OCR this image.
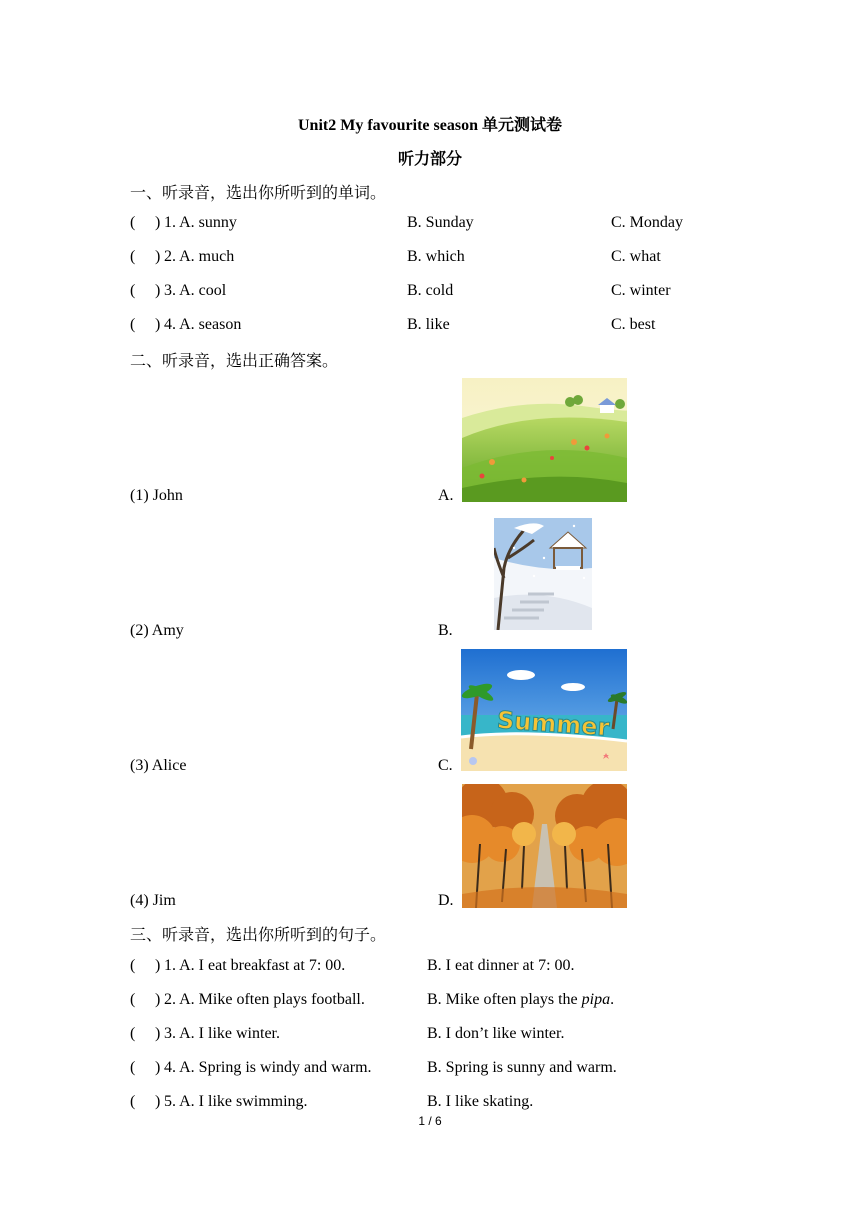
Unit2 My favourite season 单元测试卷
听力部分
一、听录音，选出你所听到的单词。
( ) 1. A. sunny	B. Sunday	C. Monday
( ) 2. A. much	B. which	C. what
( ) 3. A. cool	B. cold	C. winter
( ) 4. A. season	B. like	C. best
二、听录音，选出正确答案。
(1) John	A.
(2) Amy	B.
(3) Alice	C.
(4) Jim	D.
Summer
三、听录音，选出你所听到的句子。
( ) 1. A. I eat breakfast at 7: 00.	B. I eat dinner at 7: 00.
( ) 2. A. Mike often plays football.	B. Mike often plays the pipa.
( ) 3. A. I like winter.	B. I don’t like winter.
( ) 4. A. Spring is windy and warm.	B. Spring is sunny and warm.
( ) 5. A. I like swimming.	B. I like skating.
1 / 6
